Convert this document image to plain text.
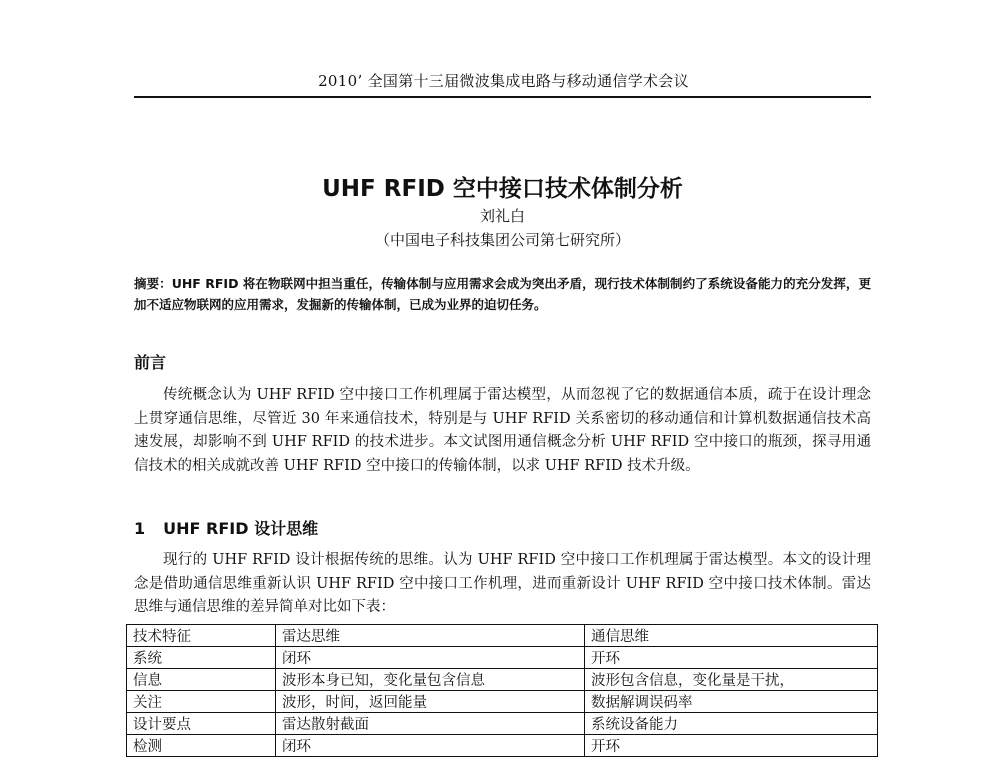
2010’ 全国第十三届微波集成电路与移动通信学术会议
UHF RFID 空中接口技术体制分析
刘礼白
（中国电子科技集团公司第七研究所）

摘要：UHF RFID 将在物联网中担当重任，传输体制与应用需求会成为突出矛盾，现行技术体制制约了系统设备能力的充分发挥，更加不适应物联网的应用需求，发掘新的传输体制，已成为业界的迫切任务。

前言

传统概念认为 UHF RFID 空中接口工作机理属于雷达模型，从而忽视了它的数据通信本质，疏于在设计理念上贯穿通信思维，尽管近 30 年来通信技术，特别是与 UHF RFID 关系密切的移动通信和计算机数据通信技术高速发展，却影响不到 UHF RFID 的技术进步。本文试图用通信概念分析 UHF RFID 空中接口的瓶颈，探寻用通信技术的相关成就改善 UHF RFID 空中接口的传输体制，以求 UHF RFID 技术升级。

1 UHF RFID 设计思维

现行的 UHF RFID 设计根据传统的思维。认为 UHF RFID 空中接口工作机理属于雷达模型。本文的设计理念是借助通信思维重新认识 UHF RFID 空中接口工作机理，进而重新设计 UHF RFID 空中接口技术体制。雷达思维与通信思维的差异简单对比如下表：

技术特征	雷达思维	通信思维
系统	闭环	开环
信息	波形本身已知，变化量包含信息	波形包含信息，变化量是干扰，
关注	波形，时间，返回能量	数据解调误码率
设计要点	雷达散射截面	系统设备能力
检测	闭环	开环
